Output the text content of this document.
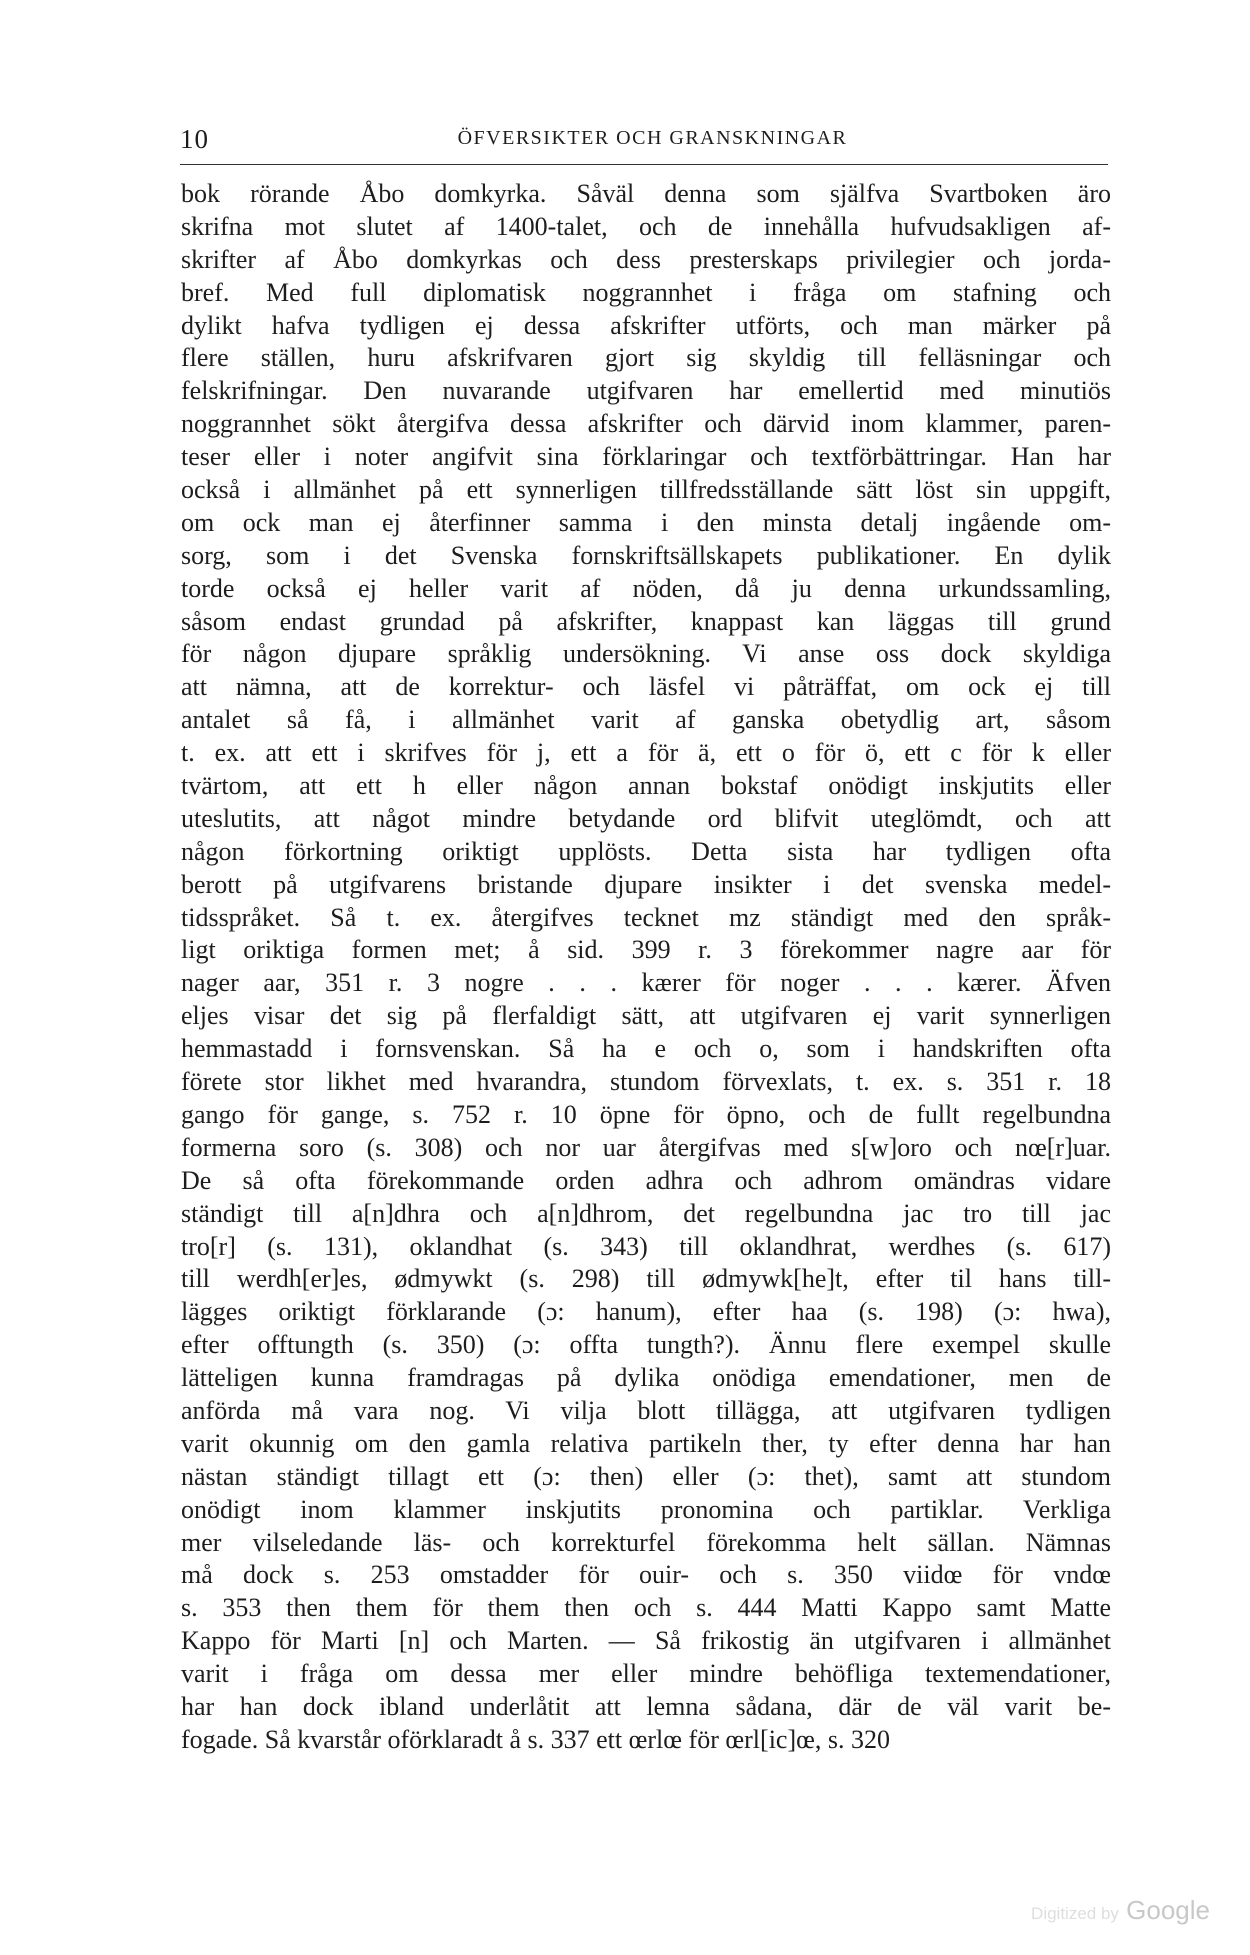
10	ÖFVERSIKTER OCH GRANSKNINGAR
bok rörande Åbo domkyrka. Såväl denna som själfva Svartboken äro
skrifna mot slutet af 1400-talet, och de innehålla hufvudsakligen af-
skrifter af Åbo domkyrkas och dess presterskaps privilegier och jorda-
bref. Med full diplomatisk noggrannhet i fråga om stafning och
dylikt hafva tydligen ej dessa afskrifter utförts, och man märker på
flere ställen, huru afskrifvaren gjort sig skyldig till felläsningar och
felskrifningar. Den nuvarande utgifvaren har emellertid med minutiös
noggrannhet sökt återgifva dessa afskrifter och därvid inom klammer, paren-
teser eller i noter angifvit sina förklaringar och textförbättringar. Han har
också i allmänhet på ett synnerligen tillfredsställande sätt löst sin uppgift,
om ock man ej återfinner samma i den minsta detalj ingående om-
sorg, som i det Svenska fornskriftsällskapets publikationer. En dylik
torde också ej heller varit af nöden, då ju denna urkundssamling,
såsom endast grundad på afskrifter, knappast kan läggas till grund
för någon djupare språklig undersökning. Vi anse oss dock skyldiga
att nämna, att de korrektur- och läsfel vi påträffat, om ock ej till
antalet så få, i allmänhet varit af ganska obetydlig art, såsom
t. ex. att ett i skrifves för j, ett a för ä, ett o för ö, ett c för k eller
tvärtom, att ett h eller någon annan bokstaf onödigt inskjutits eller
uteslutits, att något mindre betydande ord blifvit uteglömdt, och att
någon förkortning oriktigt upplösts. Detta sista har tydligen ofta
berott på utgifvarens bristande djupare insikter i det svenska medel-
tidsspråket. Så t. ex. återgifves tecknet mz ständigt med den språk-
ligt oriktiga formen met; å sid. 399 r. 3 förekommer nagre aar för
nager aar, 351 r. 3 nogre . . . kærer för noger . . . kærer. Äfven
eljes visar det sig på flerfaldigt sätt, att utgifvaren ej varit synnerligen
hemmastadd i fornsvenskan. Så ha e och o, som i handskriften ofta
förete stor likhet med hvarandra, stundom förvexlats, t. ex. s. 351 r. 18
gango för gange, s. 752 r. 10 öpne för öpno, och de fullt regelbundna
formerna soro (s. 308) och nor uar återgifvas med s[w]oro och nœ[r]uar.
De så ofta förekommande orden adhra och adhrom omändras vidare
ständigt till a[n]dhra och a[n]dhrom, det regelbundna jac tro till jac
tro[r] (s. 131), oklandhat (s. 343) till oklandhrat, werdhes (s. 617)
till werdh[er]es, ødmywkt (s. 298) till ødmywk[he]t, efter til hans till-
lägges oriktigt förklarande (ɔ: hanum), efter haa (s. 198) (ɔ: hwa),
efter offtungth (s. 350) (ɔ: offta tungth?). Ännu flere exempel skulle
lätteligen kunna framdragas på dylika onödiga emendationer, men de
anförda må vara nog. Vi vilja blott tillägga, att utgifvaren tydligen
varit okunnig om den gamla relativa partikeln ther, ty efter denna har han
nästan ständigt tillagt ett (ɔ: then) eller (ɔ: thet), samt att stundom
onödigt inom klammer inskjutits pronomina och partiklar. Verkliga
mer vilseledande läs- och korrekturfel förekomma helt sällan. Nämnas
må dock s. 253 omstadder för ouir- och s. 350 viidœ för vndœ
s. 353 then them för them then och s. 444 Matti Kappo samt Matte
Kappo för Marti [n] och Marten. — Så frikostig än utgifvaren i allmänhet
varit i fråga om dessa mer eller mindre behöfliga textemendationer,
har han dock ibland underlåtit att lemna sådana, där de väl varit be-
fogade. Så kvarstår oförklaradt å s. 337 ett œrlœ för œrl[ic]œ, s. 320
Digitized by Google
